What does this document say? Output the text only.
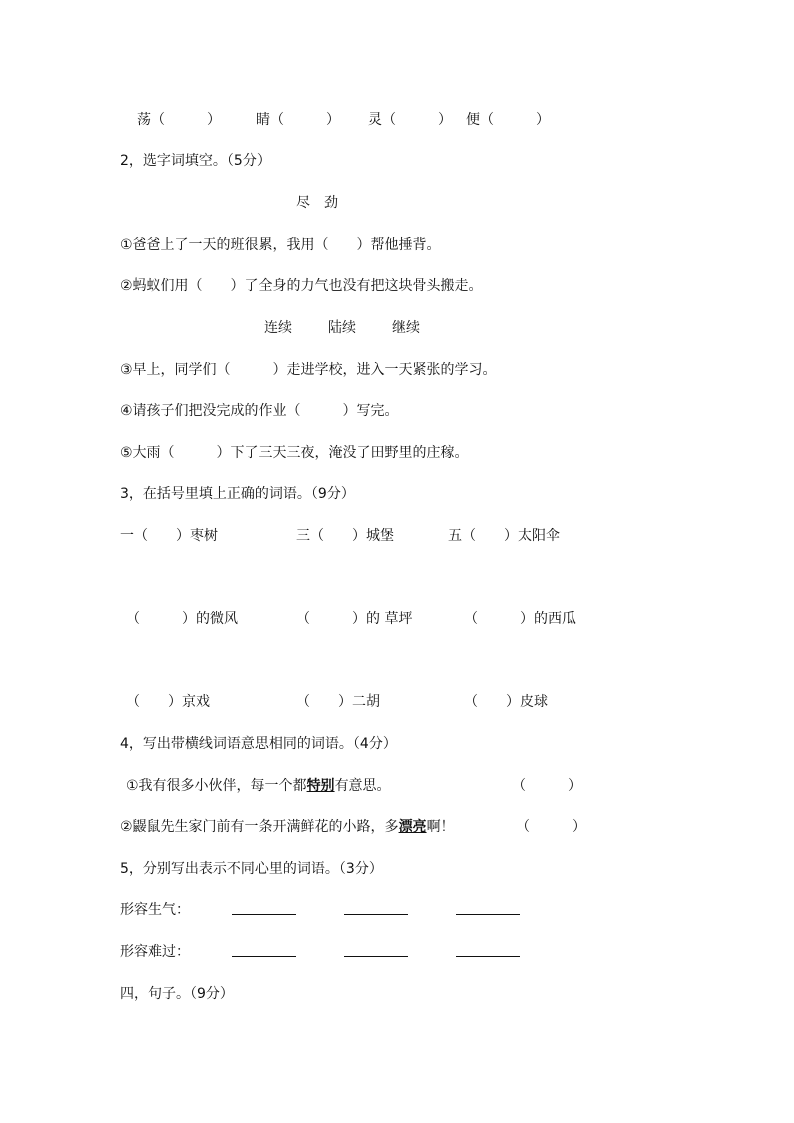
荡（　　　）	睛（　　　） 灵（　　　） 便（　　　）
2，选字词填空。（5分）
尽　劲
①爸爸上了一天的班很累，我用（　　）帮他捶背。
②蚂蚁们用（　　）了全身的力气也没有把这块骨头搬走。
连续	陆续	继续
③早上，同学们（　　　）走进学校，进入一天紧张的学习。
④请孩子们把没完成的作业（　　　）写完。
⑤大雨（　　　）下了三天三夜，淹没了田野里的庄稼。
3，在括号里填上正确的词语。（9分）
一（　　）枣树	三（　　）城堡	五（　　）太阳伞
（　　　）的微风	（　　　）的 草坪	（　　　）的西瓜
（　　）京戏	（　　）二胡	（　　）皮球
4，写出带横线词语意思相同的词语。（4分）
①我有很多小伙伴，每一个都特别有意思。	（　　　）
②鼹鼠先生家门前有一条开满鲜花的小路，多漂亮啊！	（　　　）
5，分别写出表示不同心里的词语。（3分）
形容生气：
形容难过：
四，句子。（9分）
